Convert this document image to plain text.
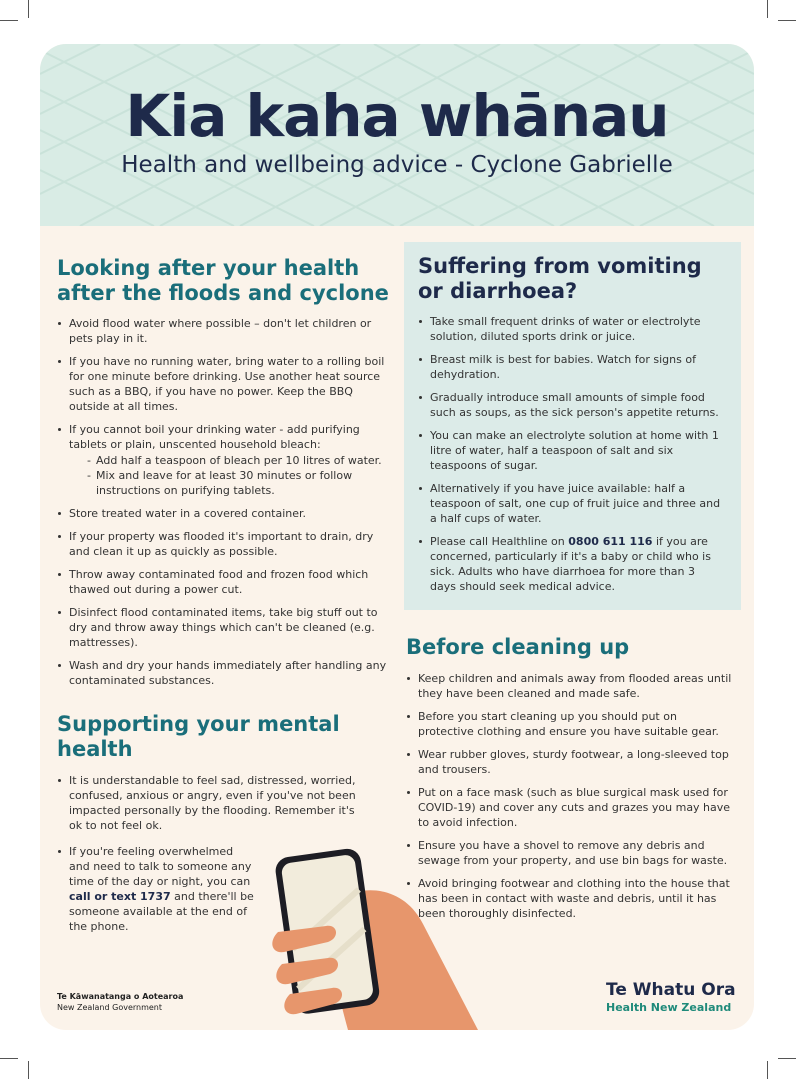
Kia kaha whānau
Health and wellbeing advice - Cyclone Gabrielle
Looking after your health
after the floods and cyclone
Avoid flood water where possible – don't let children or pets play in it.
If you have no running water, bring water to a rolling boil for one minute before drinking. Use another heat source such as a BBQ, if you have no power. Keep the BBQ outside at all times.
If you cannot boil your drinking water - add purifying tablets or plain, unscented household bleach:
- Add half a teaspoon of bleach per 10 litres of water.
- Mix and leave for at least 30 minutes or follow instructions on purifying tablets.
Store treated water in a covered container.
If your property was flooded it's important to drain, dry and clean it up as quickly as possible.
Throw away contaminated food and frozen food which thawed out during a power cut.
Disinfect flood contaminated items, take big stuff out to dry and throw away things which can't be cleaned (e.g. mattresses).
Wash and dry your hands immediately after handling any contaminated substances.
Supporting your mental
health
It is understandable to feel sad, distressed, worried, confused, anxious or angry, even if you've not been impacted personally by the flooding. Remember it's ok to not feel ok.
If you're feeling overwhelmed and need to talk to someone any time of the day or night, you can call or text 1737 and there'll be someone available at the end of the phone.
Suffering from vomiting
or diarrhoea?
Take small frequent drinks of water or electrolyte solution, diluted sports drink or juice.
Breast milk is best for babies. Watch for signs of dehydration.
Gradually introduce small amounts of simple food such as soups, as the sick person's appetite returns.
You can make an electrolyte solution at home with 1 litre of water, half a teaspoon of salt and six teaspoons of sugar.
Alternatively if you have juice available: half a teaspoon of salt, one cup of fruit juice and three and a half cups of water.
Please call Healthline on 0800 611 116 if you are concerned, particularly if it's a baby or child who is sick. Adults who have diarrhoea for more than 3 days should seek medical advice.
Before cleaning up
Keep children and animals away from flooded areas until they have been cleaned and made safe.
Before you start cleaning up you should put on protective clothing and ensure you have suitable gear.
Wear rubber gloves, sturdy footwear, a long-sleeved top and trousers.
Put on a face mask (such as blue surgical mask used for COVID-19) and cover any cuts and grazes you may have to avoid infection.
Ensure you have a shovel to remove any debris and sewage from your property, and use bin bags for waste.
Avoid bringing footwear and clothing into the house that has been in contact with waste and debris, until it has been thoroughly disinfected.
Te Kāwanatanga o Aotearoa
New Zealand Government
Te Whatu Ora
Health New Zealand
